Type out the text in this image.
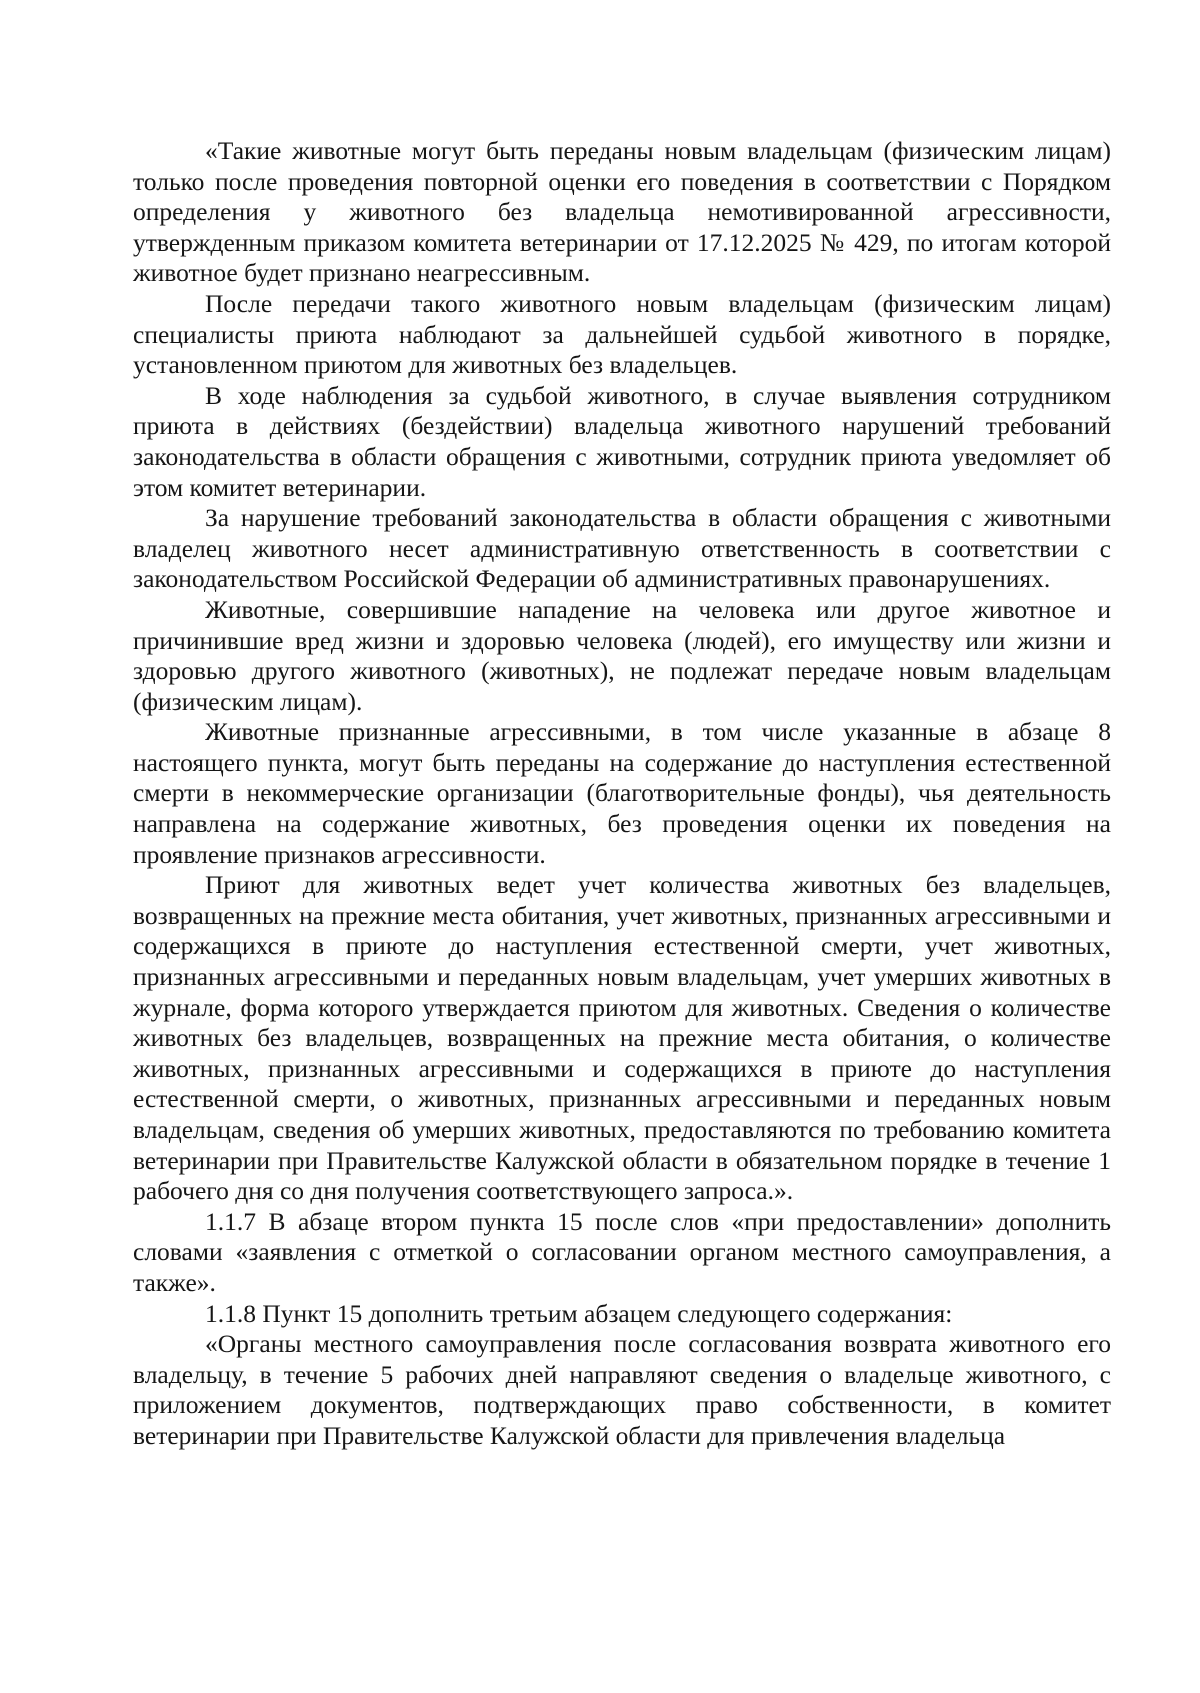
«Такие животные могут быть переданы новым владельцам (физическим лицам) только после проведения повторной оценки его поведения в соответствии с Порядком определения у животного без владельца немотивированной агрессивности, утвержденным приказом комитета ветеринарии от 17.12.2025 № 429, по итогам которой животное будет признано неагрессивным.

После передачи такого животного новым владельцам (физическим лицам) специалисты приюта наблюдают за дальнейшей судьбой животного в порядке, установленном приютом для животных без владельцев.

В ходе наблюдения за судьбой животного, в случае выявления сотрудником приюта в действиях (бездействии) владельца животного нарушений требований законодательства в области обращения с животными, сотрудник приюта уведомляет об этом комитет ветеринарии.

За нарушение требований законодательства в области обращения с животными владелец животного несет административную ответственность в соответствии с законодательством Российской Федерации об административных правонарушениях.

Животные, совершившие нападение на человека или другое животное и причинившие вред жизни и здоровью человека (людей), его имуществу или жизни и здоровью другого животного (животных), не подлежат передаче новым владельцам (физическим лицам).

Животные признанные агрессивными, в том числе указанные в абзаце 8 настоящего пункта, могут быть переданы на содержание до наступления естественной смерти в некоммерческие организации (благотворительные фонды), чья деятельность направлена на содержание животных, без проведения оценки их поведения на проявление признаков агрессивности.

Приют для животных ведет учет количества животных без владельцев, возвращенных на прежние места обитания, учет животных, признанных агрессивными и содержащихся в приюте до наступления естественной смерти, учет животных, признанных агрессивными и переданных новым владельцам, учет умерших животных в журнале, форма которого утверждается приютом для животных. Сведения о количестве животных без владельцев, возвращенных на прежние места обитания, о количестве животных, признанных агрессивными и содержащихся в приюте до наступления естественной смерти, о животных, признанных агрессивными и переданных новым владельцам, сведения об умерших животных, предоставляются по требованию комитета ветеринарии при Правительстве Калужской области в обязательном порядке в течение 1 рабочего дня со дня получения соответствующего запроса.».

1.1.7 В абзаце втором пункта 15 после слов «при предоставлении» дополнить словами «заявления с отметкой о согласовании органом местного самоуправления, а также».

1.1.8 Пункт 15 дополнить третьим абзацем следующего содержания:

«Органы местного самоуправления после согласования возврата животного его владельцу, в течение 5 рабочих дней направляют сведения о владельце животного, с приложением документов, подтверждающих право собственности, в комитет ветеринарии при Правительстве Калужской области для привлечения владельца
